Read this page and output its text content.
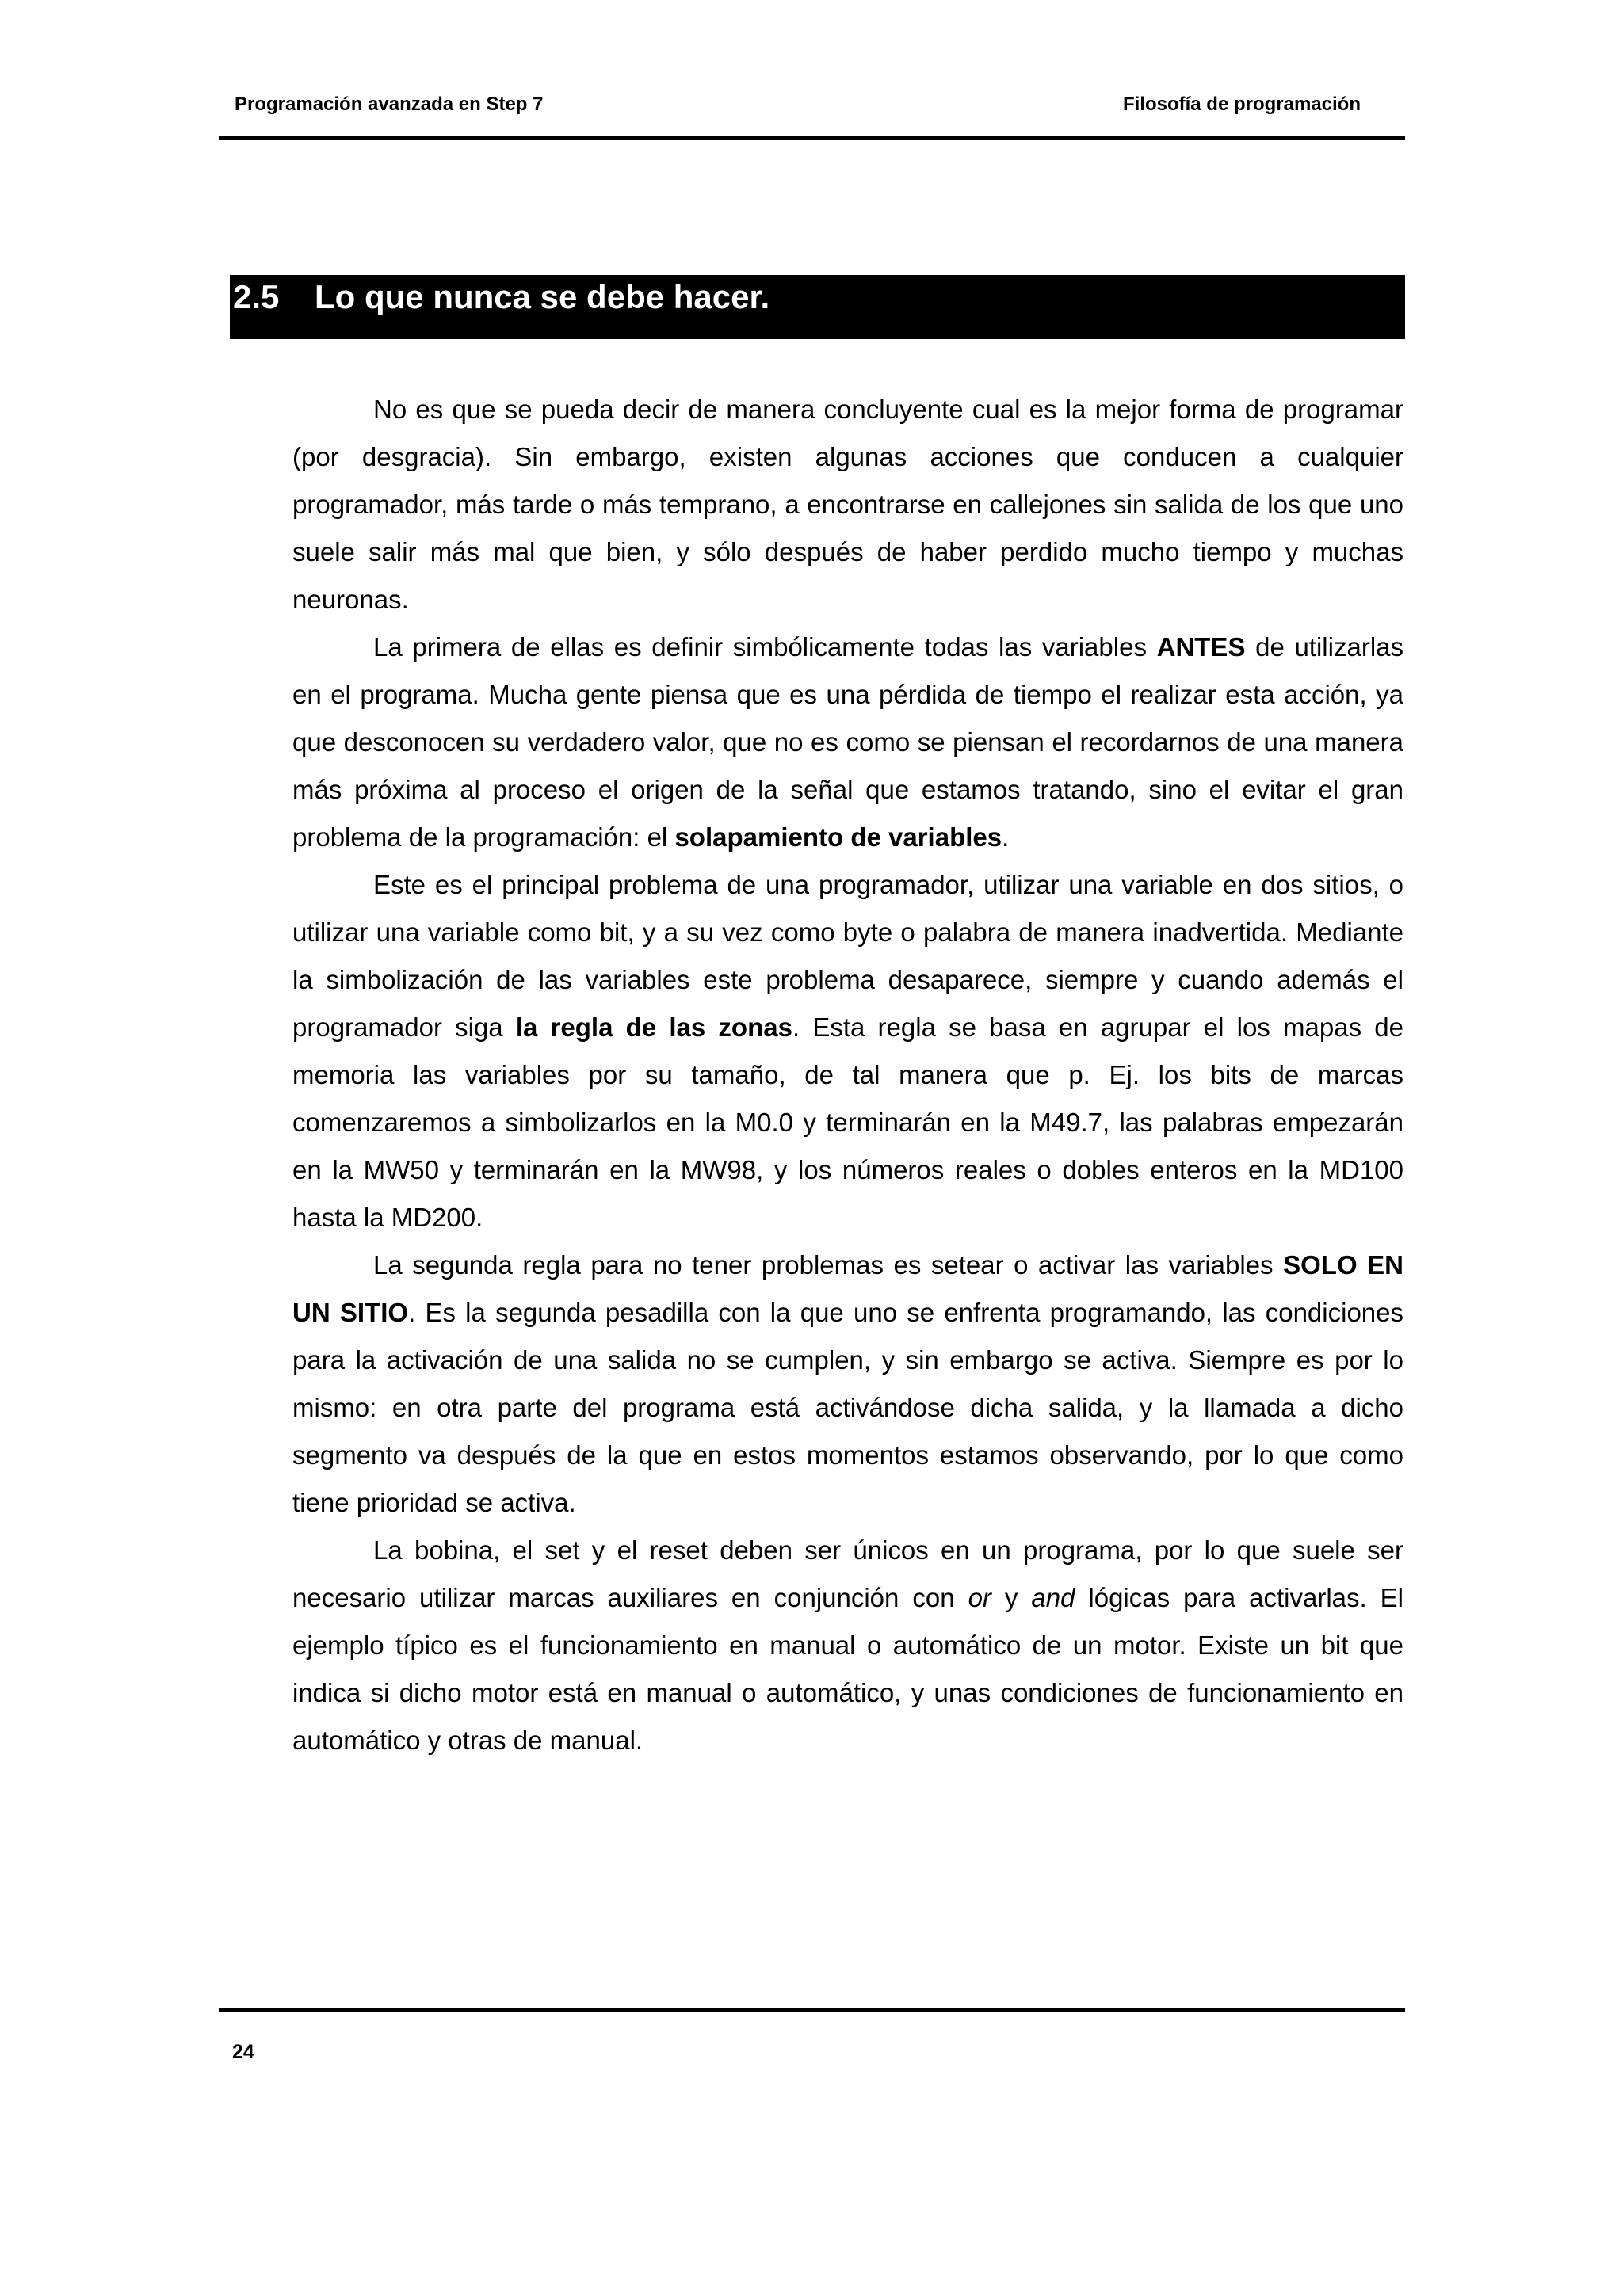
Programación avanzada en Step 7	Filosofía de programación
2.5 Lo que nunca se debe hacer.

No es que se pueda decir de manera concluyente cual es la mejor forma de programar (por desgracia). Sin embargo, existen algunas acciones que conducen a cualquier programador, más tarde o más temprano, a encontrarse en callejones sin salida de los que uno suele salir más mal que bien, y sólo después de haber perdido mucho tiempo y muchas neuronas.

La primera de ellas es definir simbólicamente todas las variables ANTES de utilizarlas en el programa. Mucha gente piensa que es una pérdida de tiempo el realizar esta acción, ya que desconocen su verdadero valor, que no es como se piensan el recordarnos de una manera más próxima al proceso el origen de la señal que estamos tratando, sino el evitar el gran problema de la programación: el solapamiento de variables.

Este es el principal problema de una programador, utilizar una variable en dos sitios, o utilizar una variable como bit, y a su vez como byte o palabra de manera inadvertida. Mediante la simbolización de las variables este problema desaparece, siempre y cuando además el programador siga la regla de las zonas. Esta regla se basa en agrupar el los mapas de memoria las variables por su tamaño, de tal manera que p. Ej. los bits de marcas comenzaremos a simbolizarlos en la M0.0 y terminarán en la M49.7, las palabras empezarán en la MW50 y terminarán en la MW98, y los números reales o dobles enteros en la MD100 hasta la MD200.

La segunda regla para no tener problemas es setear o activar las variables SOLO EN UN SITIO. Es la segunda pesadilla con la que uno se enfrenta programando, las condiciones para la activación de una salida no se cumplen, y sin embargo se activa. Siempre es por lo mismo: en otra parte del programa está activándose dicha salida, y la llamada a dicho segmento va después de la que en estos momentos estamos observando, por lo que como tiene prioridad se activa.

La bobina, el set y el reset deben ser únicos en un programa, por lo que suele ser necesario utilizar marcas auxiliares en conjunción con or y and lógicas para activarlas. El ejemplo típico es el funcionamiento en manual o automático de un motor. Existe un bit que indica si dicho motor está en manual o automático, y unas condiciones de funcionamiento en automático y otras de manual.

24
